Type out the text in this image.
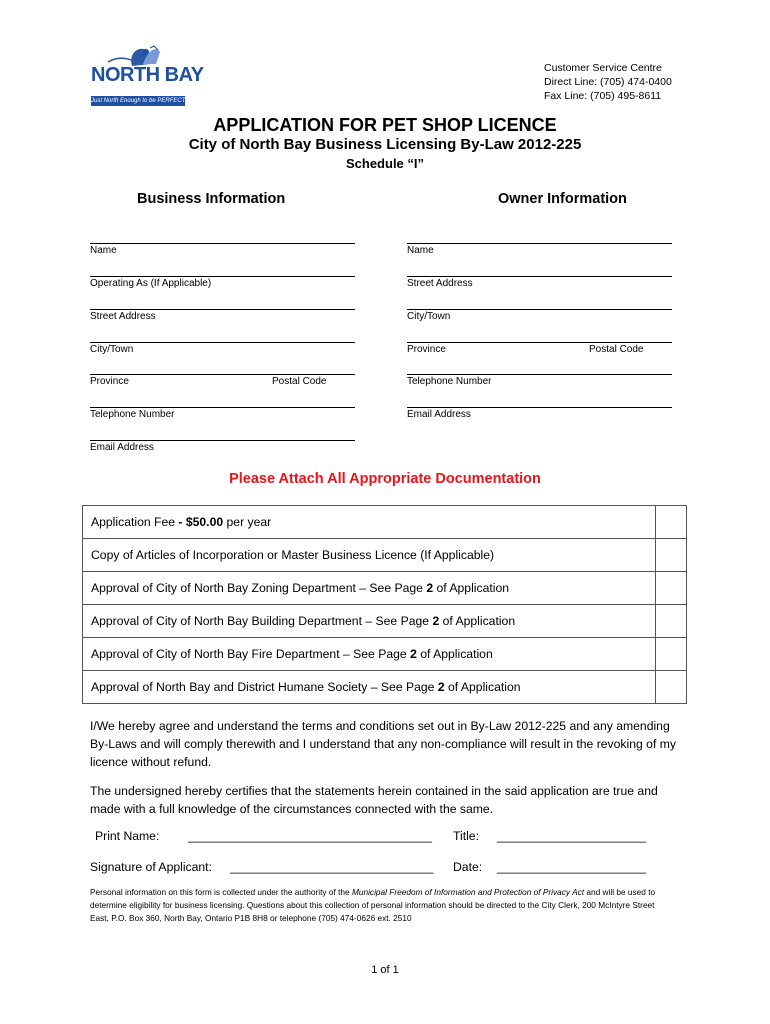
NORTH BAY
Just North Enough to be PERFECT
Customer Service Centre
Direct Line: (705) 474-0400
Fax Line: (705) 495-8611
APPLICATION FOR PET SHOP LICENCE
City of North Bay Business Licensing By-Law 2012-225
Schedule “I”
Business Information	Owner Information
Name
Operating As (If Applicable)
Street Address
City/Town
Province	Postal Code
Telephone Number
Email Address
Name
Street Address
City/Town
Province	Postal Code
Telephone Number
Email Address
Please Attach All Appropriate Documentation
Application Fee - $50.00 per year	
Copy of Articles of Incorporation or Master Business Licence (If Applicable)	
Approval of City of North Bay Zoning Department – See Page 2 of Application	
Approval of City of North Bay Building Department – See Page 2 of Application	
Approval of City of North Bay Fire Department – See Page 2 of Application	
Approval of North Bay and District Humane Society – See Page 2 of Application	
I/We hereby agree and understand the terms and conditions set out in By-Law 2012-225 and any amending By-Laws and will comply therewith and I understand that any non-compliance will result in the revoking of my licence without refund.
The undersigned hereby certifies that the statements herein contained in the said application are true and made with a full knowledge of the circumstances connected with the same.
Print Name: ____________________________________ Title: ______________________
Signature of Applicant: ______________________________ Date: ______________________
Personal information on this form is collected under the authority of the Municipal Freedom of Information and Protection of Privacy Act and will be used to determine eligibility for business licensing. Questions about this collection of personal information should be directed to the City Clerk, 200 McIntyre Street East, P.O. Box 360, North Bay, Ontario P1B 8H8 or telephone (705) 474-0626 ext. 2510
1 of 1
